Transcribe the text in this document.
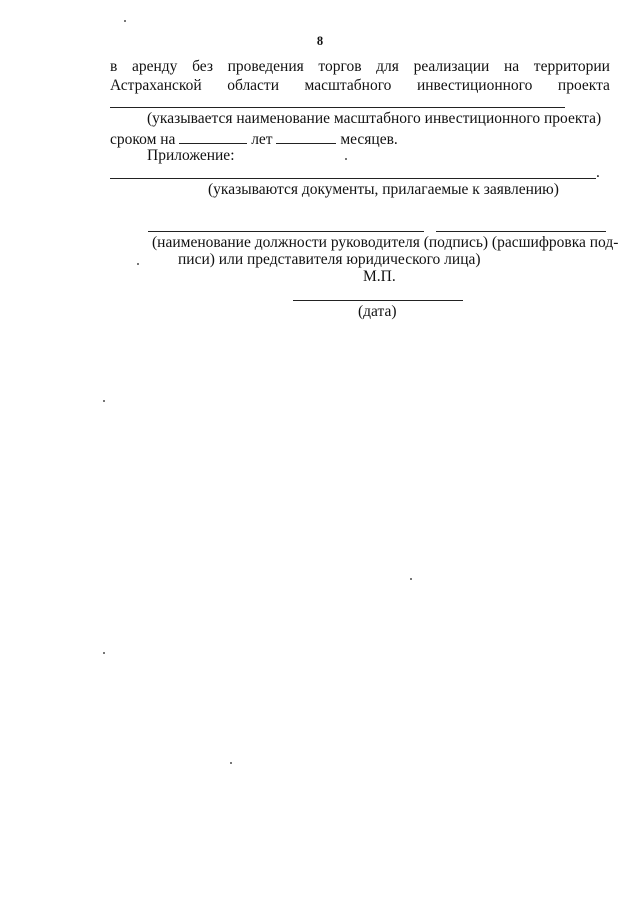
8
в аренду без проведения торгов для реализации на территории
Астраханской области масштабного инвестиционного проекта
(указывается наименование масштабного инвестиционного проекта)
сроком на	лет	месяцев.
Приложение:
.
(указываются документы, прилагаемые к заявлению)
(наименование должности руководителя (подпись) (расшифровка под-
писи) или представителя юридического лица)
М.П.
(дата)
